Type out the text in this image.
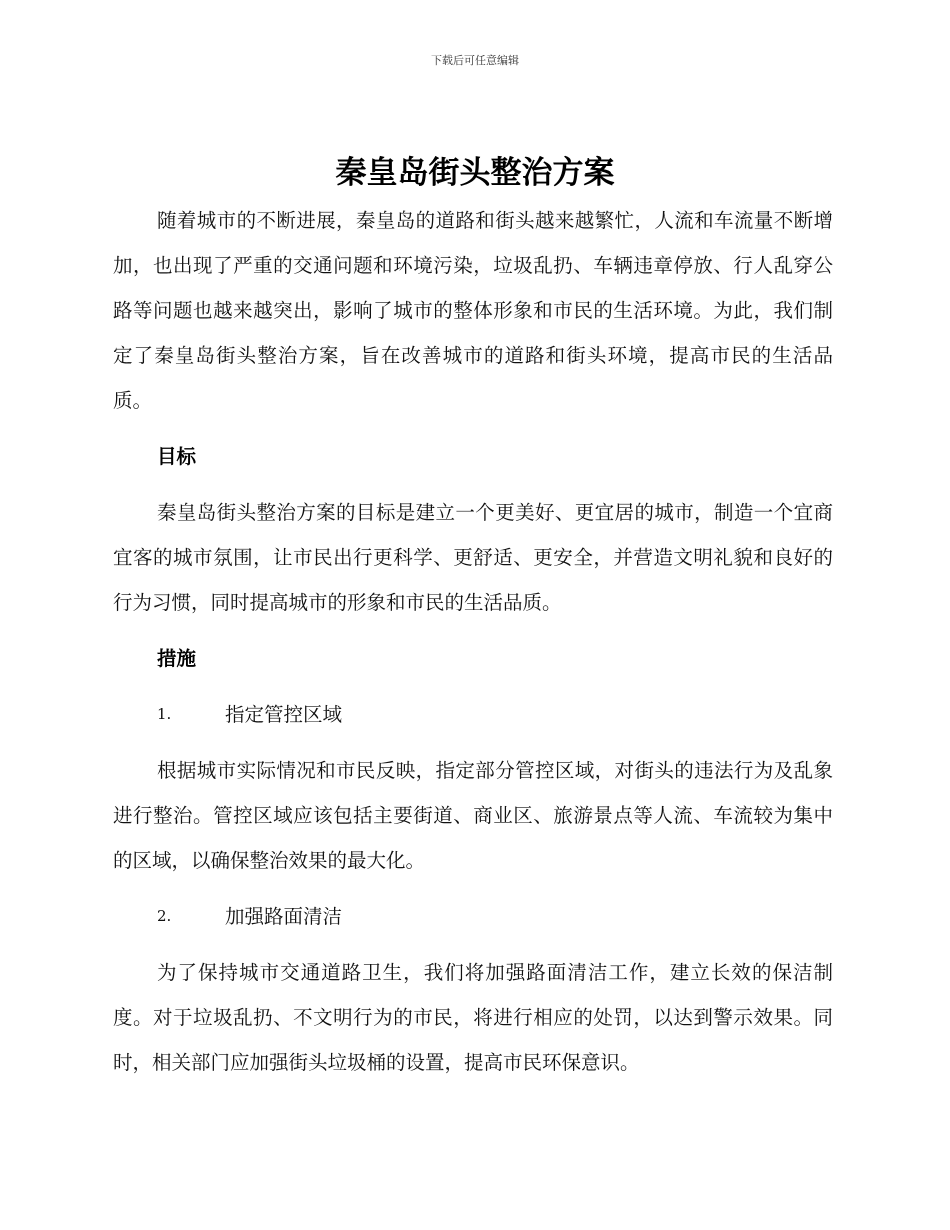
下载后可任意编辑
秦皇岛街头整治方案

随着城市的不断进展，秦皇岛的道路和街头越来越繁忙，人流和车流量不断增加，也出现了严重的交通问题和环境污染，垃圾乱扔、车辆违章停放、行人乱穿公路等问题也越来越突出，影响了城市的整体形象和市民的生活环境。为此，我们制定了秦皇岛街头整治方案，旨在改善城市的道路和街头环境，提高市民的生活品质。

目标

秦皇岛街头整治方案的目标是建立一个更美好、更宜居的城市，制造一个宜商宜客的城市氛围，让市民出行更科学、更舒适、更安全，并营造文明礼貌和良好的行为习惯，同时提高城市的形象和市民的生活品质。

措施
1.	指定管控区域

根据城市实际情况和市民反映，指定部分管控区域，对街头的违法行为及乱象进行整治。管控区域应该包括主要街道、商业区、旅游景点等人流、车流较为集中的区域，以确保整治效果的最大化。

2.	加强路面清洁

为了保持城市交通道路卫生，我们将加强路面清洁工作，建立长效的保洁制度。对于垃圾乱扔、不文明行为的市民，将进行相应的处罚，以达到警示效果。同时，相关部门应加强街头垃圾桶的设置，提高市民环保意识。
